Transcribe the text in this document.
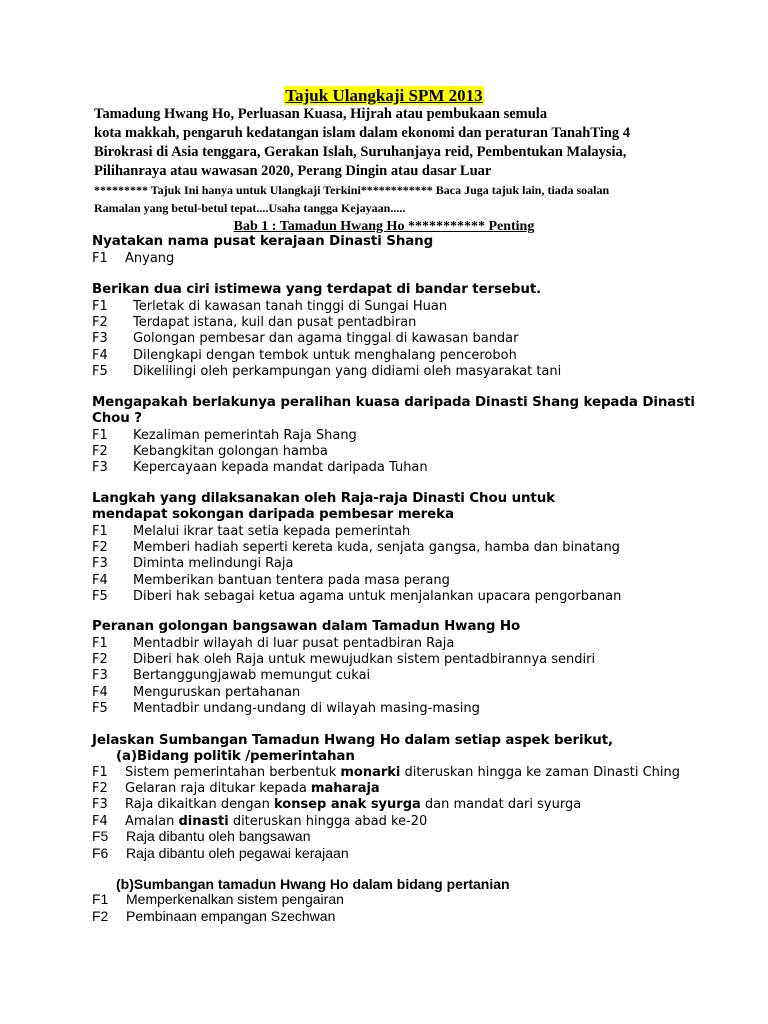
Tajuk Ulangkaji SPM 2013
Tamadung Hwang Ho, Perluasan Kuasa, Hijrah atau pembukaan semula
kota makkah, pengaruh kedatangan islam dalam ekonomi dan peraturan TanahTing 4
Birokrasi di Asia tenggara, Gerakan Islah, Suruhanjaya reid, Pembentukan Malaysia,
Pilihanraya atau wawasan 2020, Perang Dingin atau dasar Luar
********* Tajuk Ini hanya untuk Ulangkaji Terkini************ Baca Juga tajuk lain, tiada soalan
Ramalan yang betul-betul tepat....Usaha tangga Kejayaan.....
Bab 1 : Tamadun Hwang Ho *********** Penting
Nyatakan nama pusat kerajaan Dinasti Shang
F1 Anyang
Berikan dua ciri istimewa yang terdapat di bandar tersebut.
F1 Terletak di kawasan tanah tinggi di Sungai Huan
F2 Terdapat istana, kuil dan pusat pentadbiran
F3 Golongan pembesar dan agama tinggal di kawasan bandar
F4 Dilengkapi dengan tembok untuk menghalang penceroboh
F5 Dikelilingi oleh perkampungan yang didiami oleh masyarakat tani
Mengapakah berlakunya peralihan kuasa daripada Dinasti Shang kepada Dinasti
Chou ?
F1 Kezaliman pemerintah Raja Shang
F2 Kebangkitan golongan hamba
F3 Kepercayaan kepada mandat daripada Tuhan
Langkah yang dilaksanakan oleh Raja-raja Dinasti Chou untuk
mendapat sokongan daripada pembesar mereka
F1 Melalui ikrar taat setia kepada pemerintah
F2 Memberi hadiah seperti kereta kuda, senjata gangsa, hamba dan binatang
F3 Diminta melindungi Raja
F4 Memberikan bantuan tentera pada masa perang
F5 Diberi hak sebagai ketua agama untuk menjalankan upacara pengorbanan
Peranan golongan bangsawan dalam Tamadun Hwang Ho
F1 Mentadbir wilayah di luar pusat pentadbiran Raja
F2 Diberi hak oleh Raja untuk mewujudkan sistem pentadbirannya sendiri
F3 Bertanggungjawab memungut cukai
F4 Menguruskan pertahanan
F5 Mentadbir undang-undang di wilayah masing-masing
Jelaskan Sumbangan Tamadun Hwang Ho dalam setiap aspek berikut,
(a)Bidang politik /pemerintahan
F1 Sistem pemerintahan berbentuk monarki diteruskan hingga ke zaman Dinasti Ching
F2 Gelaran raja ditukar kepada maharaja
F3 Raja dikaitkan dengan konsep anak syurga dan mandat dari syurga
F4 Amalan dinasti diteruskan hingga abad ke-20
F5 Raja dibantu oleh bangsawan
F6 Raja dibantu oleh pegawai kerajaan
(b)Sumbangan tamadun Hwang Ho dalam bidang pertanian
F1 Memperkenalkan sistem pengairan
F2 Pembinaan empangan Szechwan
